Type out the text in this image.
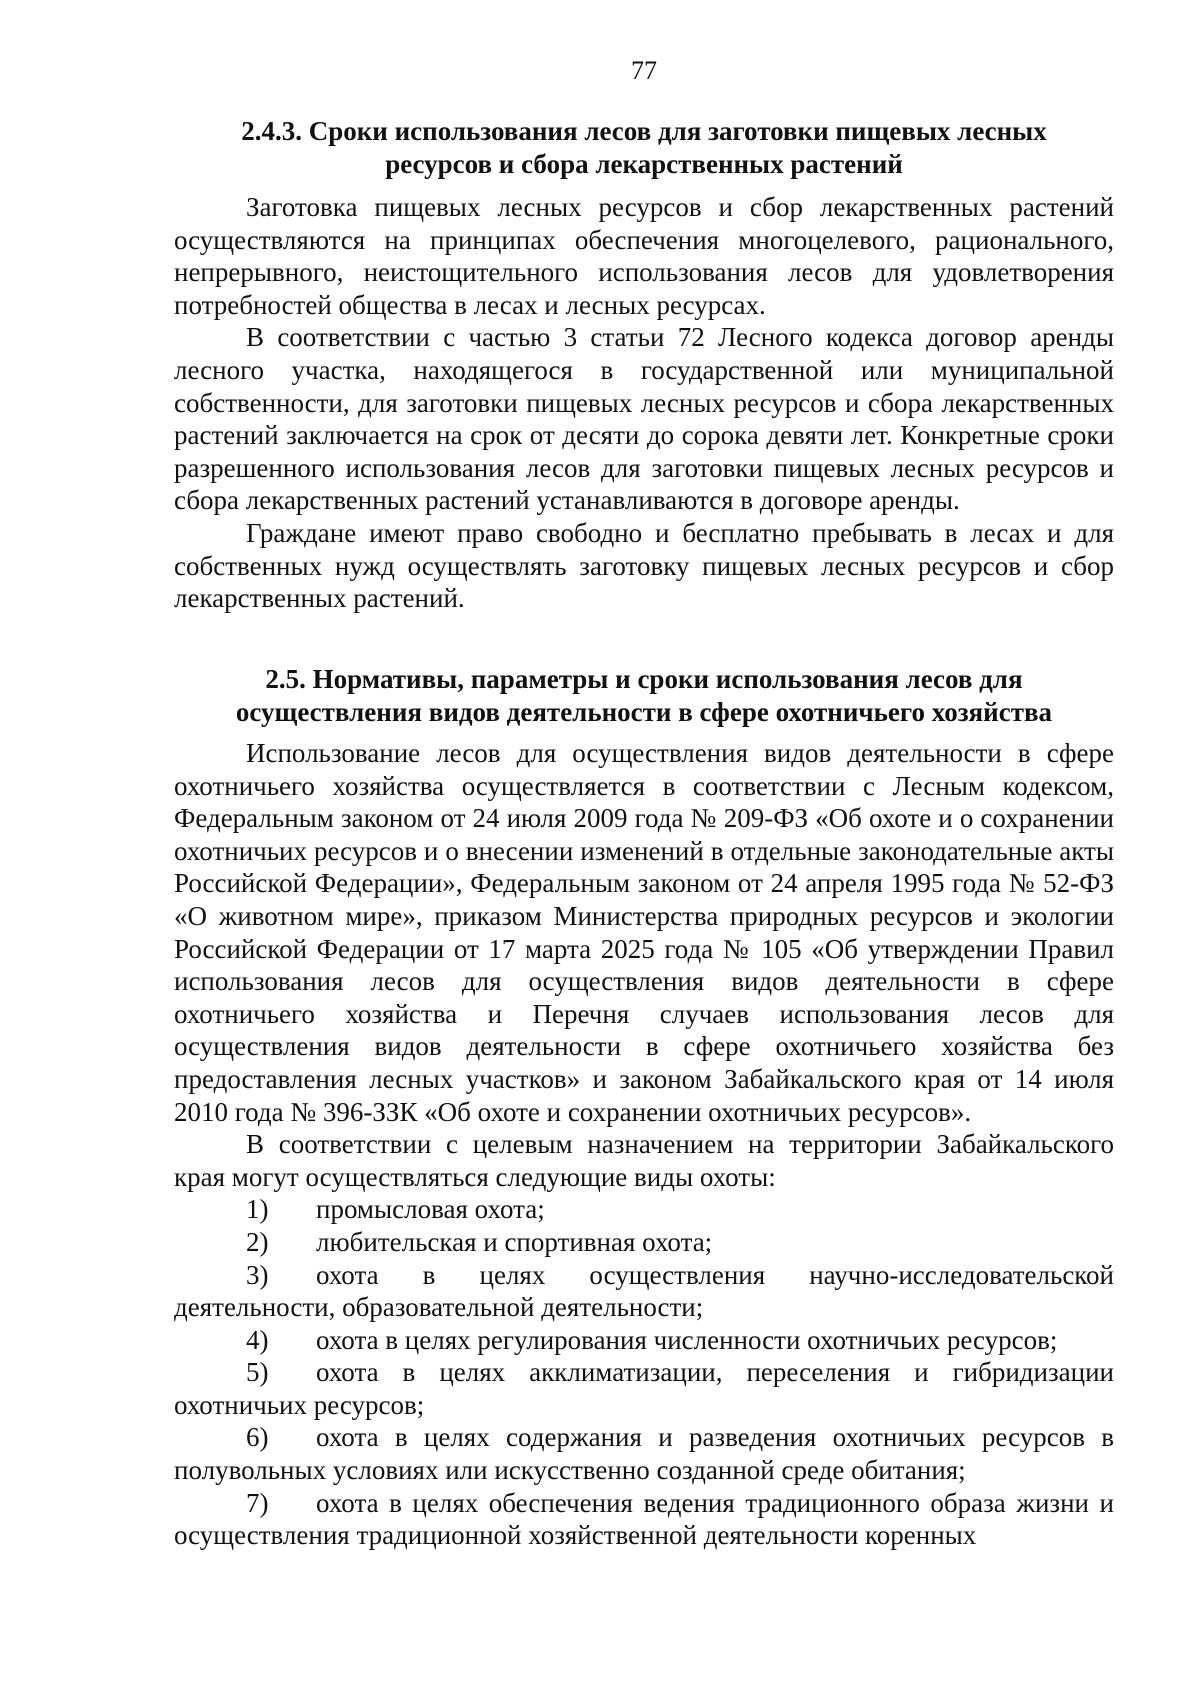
77

2.4.3. Сроки использования лесов для заготовки пищевых лесных

ресурсов и сбора лекарственных растений

Заготовка пищевых лесных ресурсов и сбор лекарственных растений осуществляются на принципах обеспечения многоцелевого, рационального, непрерывного, неистощительного использования лесов для удовлетворения потребностей общества в лесах и лесных ресурсах.

В соответствии с частью 3 статьи 72 Лесного кодекса договор аренды лесного участка, находящегося в государственной или муниципальной собственности, для заготовки пищевых лесных ресурсов и сбора лекарственных растений заключается на срок от десяти до сорока девяти лет. Конкретные сроки разрешенного использования лесов для заготовки пищевых лесных ресурсов и сбора лекарственных растений устанавливаются в договоре аренды.

Граждане имеют право свободно и бесплатно пребывать в лесах и для собственных нужд осуществлять заготовку пищевых лесных ресурсов и сбор лекарственных растений.

2.5. Нормативы, параметры и сроки использования лесов для

осуществления видов деятельности в сфере охотничьего хозяйства

Использование лесов для осуществления видов деятельности в сфере охотничьего хозяйства осуществляется в соответствии с Лесным кодексом, Федеральным законом от 24 июля 2009 года № 209-ФЗ «Об охоте и о сохранении охотничьих ресурсов и о внесении изменений в отдельные законодательные акты Российской Федерации», Федеральным законом от 24 апреля 1995 года № 52-ФЗ «О животном мире», приказом Министерства природных ресурсов и экологии Российской Федерации от 17 марта 2025 года № 105 «Об утверждении Правил использования лесов для осуществления видов деятельности в сфере охотничьего хозяйства и Перечня случаев использования лесов для осуществления видов деятельности в сфере охотничьего хозяйства без предоставления лесных участков» и законом Забайкальского края от 14 июля 2010 года № 396-ЗЗК «Об охоте и сохранении охотничьих ресурсов».

В соответствии с целевым назначением на территории Забайкальского края могут осуществляться следующие виды охоты:

1) промысловая охота;

2) любительская и спортивная охота;

3) охота в целях осуществления научно-исследовательской деятельности, образовательной деятельности;

4) охота в целях регулирования численности охотничьих ресурсов;

5) охота в целях акклиматизации, переселения и гибридизации охотничьих ресурсов;

6) охота в целях содержания и разведения охотничьих ресурсов в полувольных условиях или искусственно созданной среде обитания;

7) охота в целях обеспечения ведения традиционного образа жизни и осуществления традиционной хозяйственной деятельности коренных
